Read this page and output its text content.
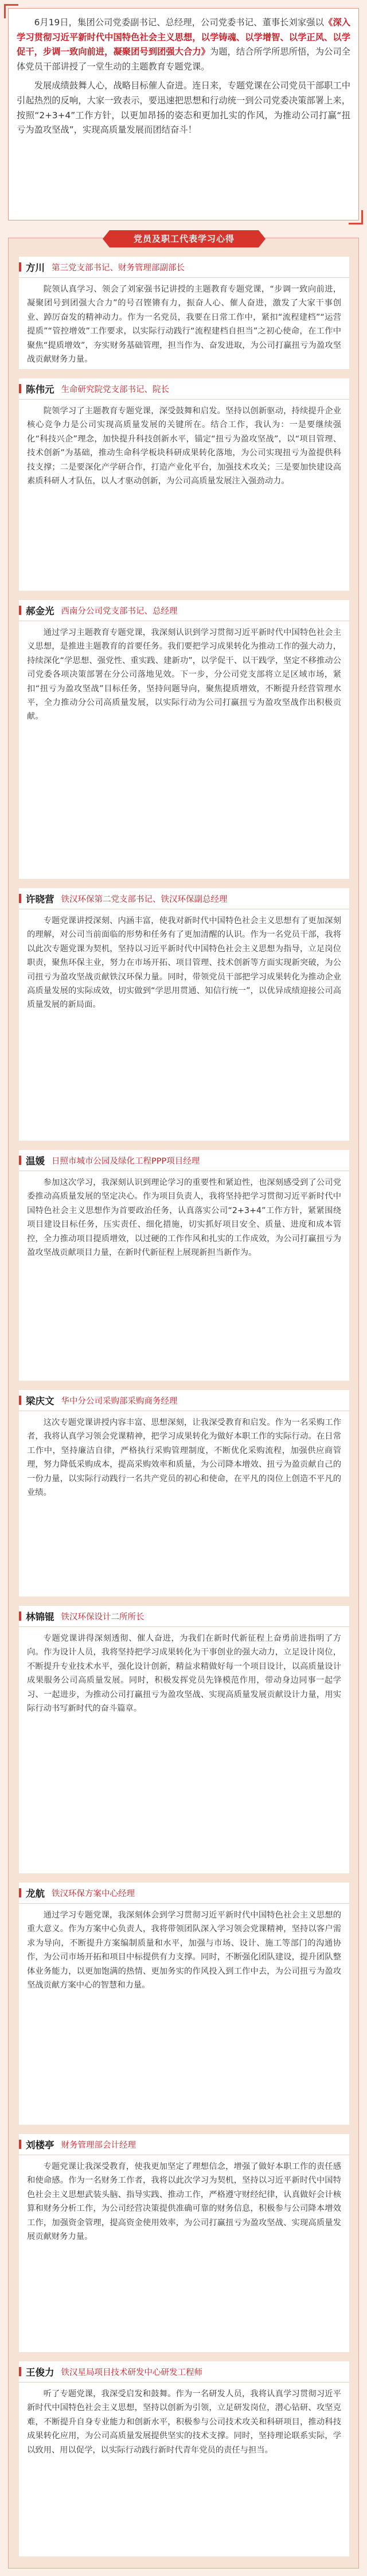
6月19日，集团公司党委副书记、总经理，公司党委书记、董事长刘家强以《深入学习贯彻习近平新时代中国特色社会主义思想，以学铸魂、以学增智、以学正风、以学促干，步调一致向前进，凝聚团号到团强大合力》为题，结合所学所思所悟，为公司全体党员干部讲授了一堂生动的主题教育专题党课。

发展成绩鼓舞人心，战略目标催人奋进。连日来，专题党课在公司党员干部职工中引起热烈的反响，大家一致表示，要迅速把思想和行动统一到公司党委决策部署上来，按照“2+3+4”工作方针，以更加昂扬的姿态和更加扎实的作风，为推动公司打赢“扭亏为盈攻坚战”，实现高质量发展而团结奋斗！

党员及职工代表学习心得
方川 第三党支部书记、财务管理部副部长

院领认真学习、领会了刘家强书记讲授的主题教育专题党课，“步调一致向前进，凝聚团号到团强大合力”的号召铿锵有力，振奋人心、催人奋进，激发了大家干事创业、踔厉奋发的精神动力。作为一名党员，我要在日常工作中，紧扣“流程建档”“运营提质”“管控增效”工作要求，以实际行动践行“流程建档自担当”之初心使命，在工作中聚焦“提质增效”，夯实财务基础管理，担当作为、奋发进取，为公司打赢扭亏为盈攻坚战贡献财务力量。

陈伟元 生命研究院党支部书记、院长

院领学习了主题教育专题党课，深受鼓舞和启发。坚持以创新驱动，持续提升企业核心竞争力是公司实现高质量发展的关键所在。结合工作，我认为：一是要继续强化“科技兴企”理念，加快提升科技创新水平，锚定“扭亏为盈攻坚战”，以“项目管理、技术创新”为基础，推动生命科学板块科研成果转化落地，为公司实现扭亏为盈提供科技支撑；二是要深化产学研合作，打造产业化平台，加强技术攻关；三是要加快建设高素质科研人才队伍，以人才驱动创新，为公司高质量发展注入强劲动力。

郝金光 西南分公司党支部书记、总经理

通过学习主题教育专题党课，我深刻认识到学习贯彻习近平新时代中国特色社会主义思想，是推进主题教育的首要任务。我们要把学习成果转化为推动工作的强大动力，持续深化“学思想、强党性、重实践、建新功”，以学促干、以干践学，坚定不移推动公司党委各项决策部署在分公司落地见效。下一步，分公司党支部将立足区域市场，紧扣“扭亏为盈攻坚战”目标任务，坚持问题导向，聚焦提质增效，不断提升经营管理水平，全力推动分公司高质量发展，以实际行动为公司打赢扭亏为盈攻坚战作出积极贡献。

许晓营 铁汉环保第二党支部书记、铁汉环保副总经理

专题党课讲授深刻、内涵丰富，使我对新时代中国特色社会主义思想有了更加深刻的理解，对公司当前面临的形势和任务有了更加清醒的认识。作为一名党员干部，我将以此次专题党课为契机，坚持以习近平新时代中国特色社会主义思想为指导，立足岗位职责，聚焦环保主业，努力在市场开拓、项目管理、技术创新等方面实现新突破，为公司扭亏为盈攻坚战贡献铁汉环保力量。同时，带领党员干部把学习成果转化为推动企业高质量发展的实际成效，切实做到“学思用贯通、知信行统一”，以优异成绩迎接公司高质量发展的新局面。

温媛 日照市城市公园及绿化工程PPP项目经理

参加这次学习，我深刻认识到理论学习的重要性和紧迫性，也深刻感受到了公司党委推动高质量发展的坚定决心。作为项目负责人，我将坚持把学习贯彻习近平新时代中国特色社会主义思想作为首要政治任务，认真落实公司“2+3+4”工作方针，紧紧围绕项目建设目标任务，压实责任、细化措施，切实抓好项目安全、质量、进度和成本管控，全力推动项目提质增效，以过硬的工作作风和扎实的工作成效，为公司打赢扭亏为盈攻坚战贡献项目力量，在新时代新征程上展现新担当新作为。

梁庆文 华中分公司采购部采购商务经理

这次专题党课讲授内容丰富、思想深刻，让我深受教育和启发。作为一名采购工作者，我将认真学习领会党课精神，把学习成果转化为做好本职工作的实际行动。在日常工作中，坚持廉洁自律，严格执行采购管理制度，不断优化采购流程，加强供应商管理，努力降低采购成本，提高采购效率和质量，为公司降本增效、扭亏为盈贡献自己的一份力量，以实际行动践行一名共产党员的初心和使命，在平凡的岗位上创造不平凡的业绩。

林锦锟 铁汉环保设计二所所长

专题党课讲得深刻透彻、催人奋进，为我们在新时代新征程上奋勇前进指明了方向。作为设计人员，我将坚持把学习成果转化为干事创业的强大动力，立足设计岗位，不断提升专业技术水平，强化设计创新，精益求精做好每一个项目设计，以高质量设计成果服务公司高质量发展。同时，积极发挥党员先锋模范作用，带动身边同事一起学习、一起进步，为推动公司打赢扭亏为盈攻坚战、实现高质量发展贡献设计力量，用实际行动书写新时代的奋斗篇章。

龙航 铁汉环保方案中心经理

通过学习专题党课，我深刻体会到学习贯彻习近平新时代中国特色社会主义思想的重大意义。作为方案中心负责人，我将带领团队深入学习领会党课精神，坚持以客户需求为导向，不断提升方案编制质量和水平，加强与市场、设计、施工等部门的沟通协作，为公司市场开拓和项目中标提供有力支撑。同时，不断强化团队建设，提升团队整体业务能力，以更加饱满的热情、更加务实的作风投入到工作中去，为公司扭亏为盈攻坚战贡献方案中心的智慧和力量。

刘楼亭 财务管理部会计经理

专题党课让我深受教育，使我更加坚定了理想信念，增强了做好本职工作的责任感和使命感。作为一名财务工作者，我将以此次学习为契机，坚持以习近平新时代中国特色社会主义思想武装头脑、指导实践、推动工作，严格遵守财经纪律，认真做好会计核算和财务分析工作，为公司经营决策提供准确可靠的财务信息，积极参与公司降本增效工作，加强资金管理，提高资金使用效率，为公司打赢扭亏为盈攻坚战、实现高质量发展贡献财务力量。

王俊力 铁汉星局项目技术研发中心研发工程师

听了专题党课，我深受启发和鼓舞。作为一名研发人员，我将认真学习贯彻习近平新时代中国特色社会主义思想，坚持以创新为引领，立足研发岗位，潜心钻研、攻坚克难，不断提升自身专业能力和创新水平，积极参与公司技术攻关和科研项目，推动科技成果转化应用，为公司高质量发展提供坚实的技术支撑。同时，坚持理论联系实际，学以致用、用以促学，以实际行动践行新时代青年党员的责任与担当。
